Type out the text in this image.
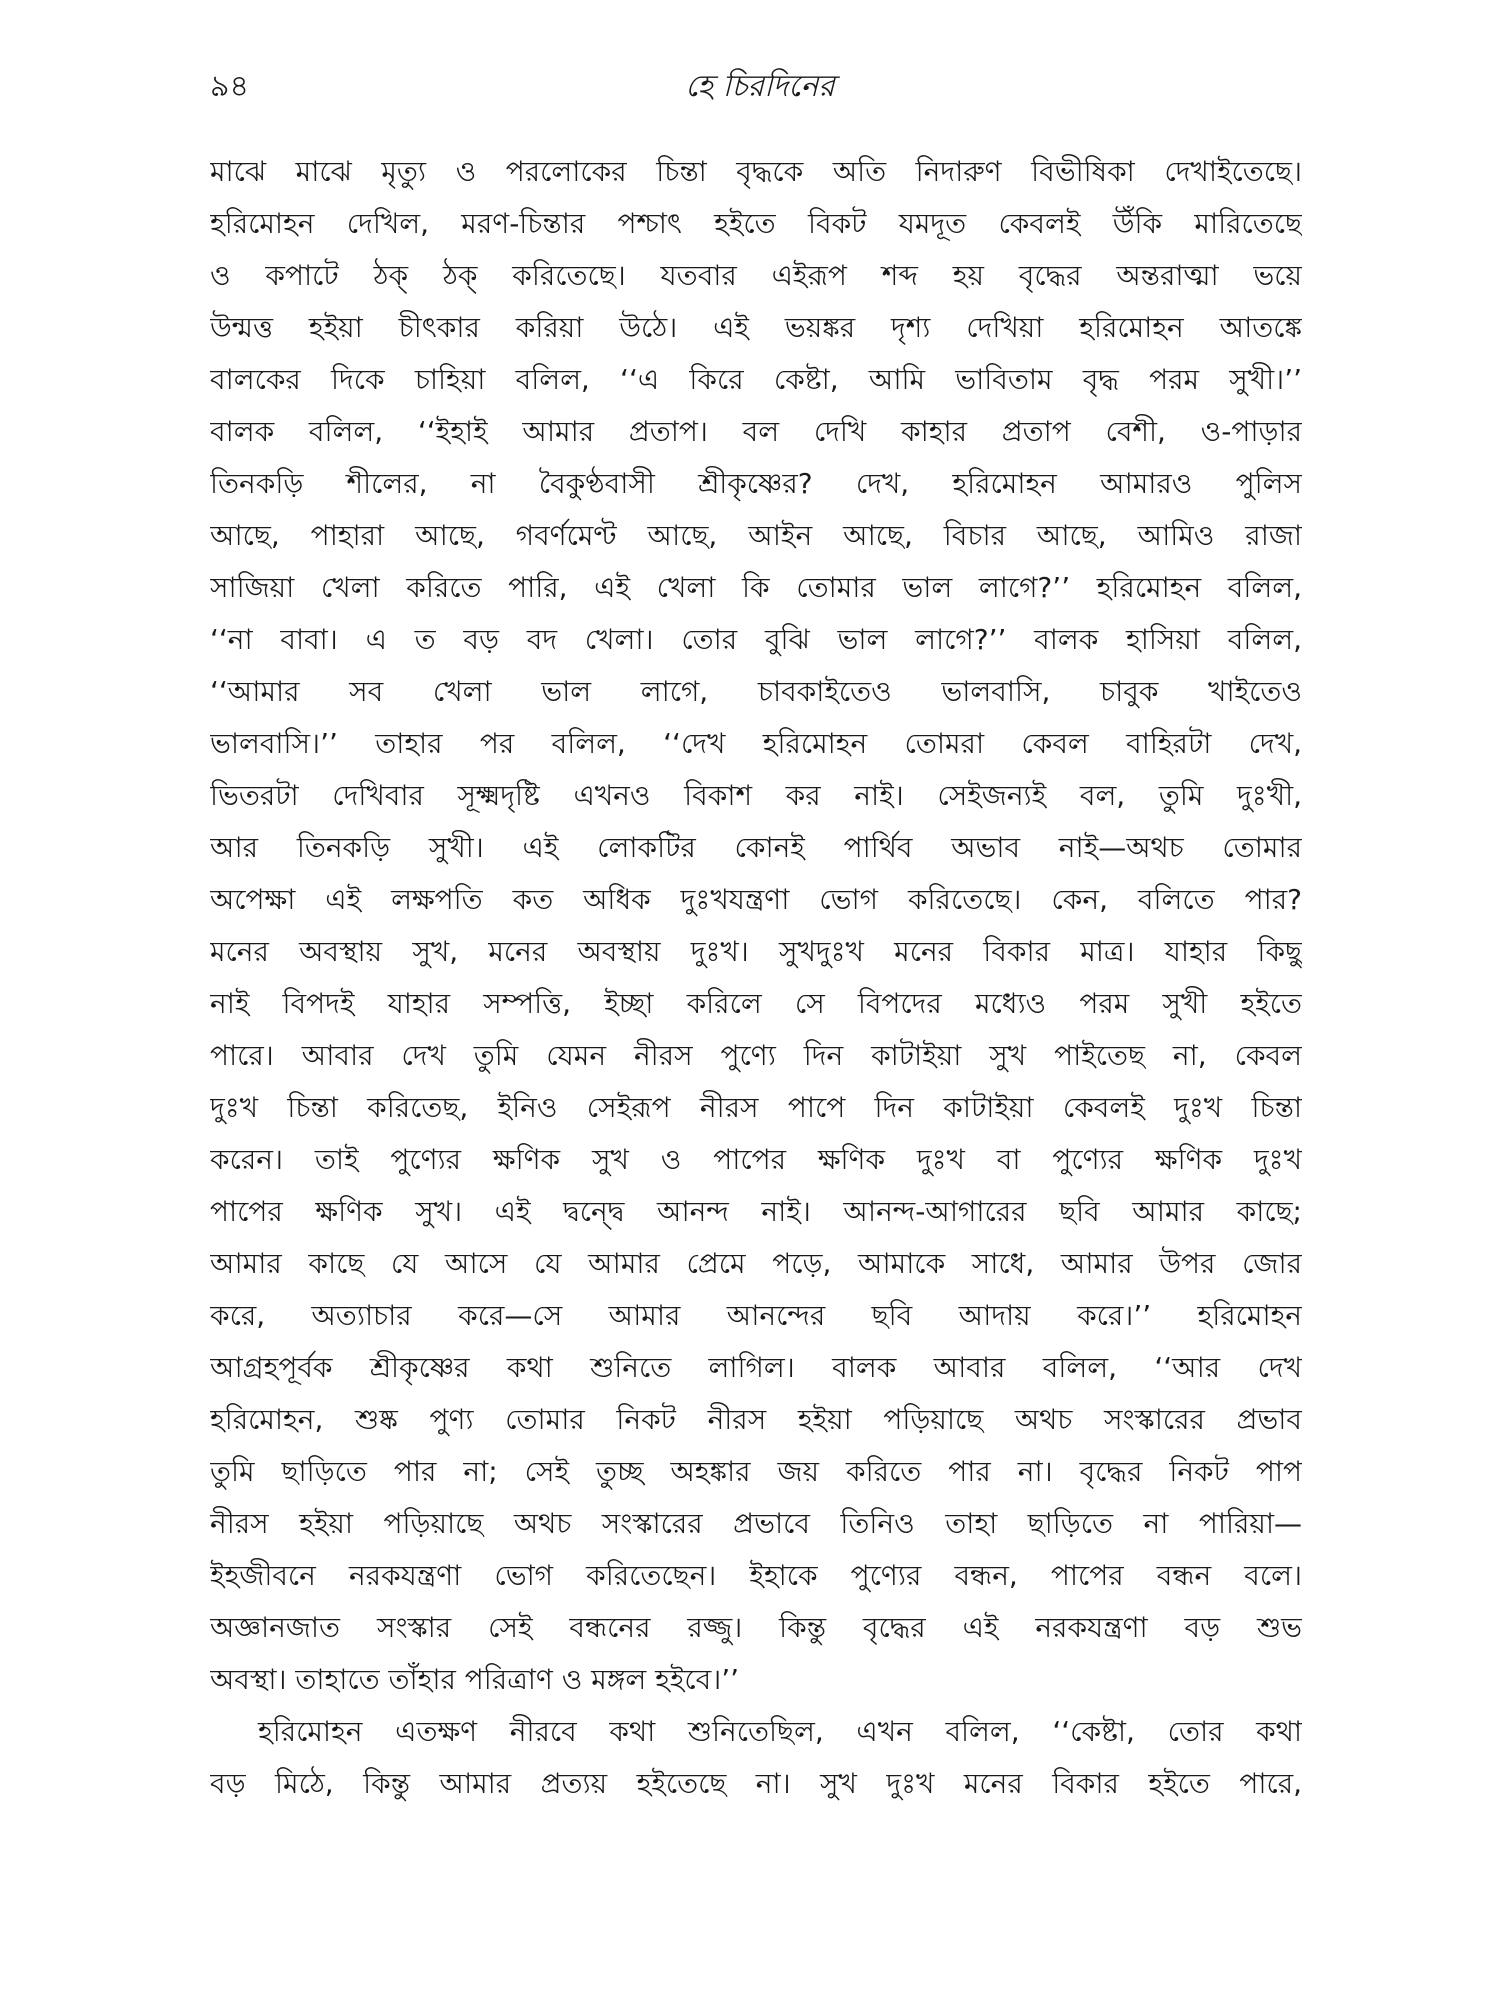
৯৪	হে চিরদিনের
মাঝে মাঝে মৃত্যু ও পরলোকের চিন্তা বৃদ্ধকে অতি নিদারুণ বিভীষিকা দেখাইতেছে।
হরিমোহন দেখিল, মরণ-চিন্তার পশ্চাৎ হইতে বিকট যমদূত কেবলই উঁকি মারিতেছে
ও কপাটে ঠক্ ঠক্ করিতেছে। যতবার এইরূপ শব্দ হয় বৃদ্ধের অন্তরাত্মা ভয়ে
উন্মত্ত হইয়া চীৎকার করিয়া উঠে। এই ভয়ঙ্কর দৃশ্য দেখিয়া হরিমোহন আতঙ্কে
বালকের দিকে চাহিয়া বলিল, ‘‘এ কিরে কেষ্টা, আমি ভাবিতাম বৃদ্ধ পরম সুখী।’’
বালক বলিল, ‘‘ইহাই আমার প্রতাপ। বল দেখি কাহার প্রতাপ বেশী, ও-পাড়ার
তিনকড়ি শীলের, না বৈকুণ্ঠবাসী শ্রীকৃষ্ণের? দেখ, হরিমোহন আমারও পুলিস
আছে, পাহারা আছে, গবর্ণমেণ্ট আছে, আইন আছে, বিচার আছে, আমিও রাজা
সাজিয়া খেলা করিতে পারি, এই খেলা কি তোমার ভাল লাগে?’’ হরিমোহন বলিল,
‘‘না বাবা। এ ত বড় বদ খেলা। তোর বুঝি ভাল লাগে?’’ বালক হাসিয়া বলিল,
‘‘আমার সব খেলা ভাল লাগে, চাবকাইতেও ভালবাসি, চাবুক খাইতেও
ভালবাসি।’’ তাহার পর বলিল, ‘‘দেখ হরিমোহন তোমরা কেবল বাহিরটা দেখ,
ভিতরটা দেখিবার সূক্ষ্মদৃষ্টি এখনও বিকাশ কর নাই। সেইজন্যই বল, তুমি দুঃখী,
আর তিনকড়ি সুখী। এই লোকটির কোনই পার্থিব অভাব নাই—অথচ তোমার
অপেক্ষা এই লক্ষপতি কত অধিক দুঃখযন্ত্রণা ভোগ করিতেছে। কেন, বলিতে পার?
মনের অবস্থায় সুখ, মনের অবস্থায় দুঃখ। সুখদুঃখ মনের বিকার মাত্র। যাহার কিছু
নাই বিপদই যাহার সম্পত্তি, ইচ্ছা করিলে সে বিপদের মধ্যেও পরম সুখী হইতে
পারে। আবার দেখ তুমি যেমন নীরস পুণ্যে দিন কাটাইয়া সুখ পাইতেছ না, কেবল
দুঃখ চিন্তা করিতেছ, ইনিও সেইরূপ নীরস পাপে দিন কাটাইয়া কেবলই দুঃখ চিন্তা
করেন। তাই পুণ্যের ক্ষণিক সুখ ও পাপের ক্ষণিক দুঃখ বা পুণ্যের ক্ষণিক দুঃখ
পাপের ক্ষণিক সুখ। এই দ্বন্দ্বে আনন্দ নাই। আনন্দ-আগারের ছবি আমার কাছে;
আমার কাছে যে আসে যে আমার প্রেমে পড়ে, আমাকে সাধে, আমার উপর জোর
করে, অত্যাচার করে—সে আমার আনন্দের ছবি আদায় করে।’’ হরিমোহন
আগ্রহপূর্বক শ্রীকৃষ্ণের কথা শুনিতে লাগিল। বালক আবার বলিল, ‘‘আর দেখ
হরিমোহন, শুষ্ক পুণ্য তোমার নিকট নীরস হইয়া পড়িয়াছে অথচ সংস্কারের প্রভাব
তুমি ছাড়িতে পার না; সেই তুচ্ছ অহঙ্কার জয় করিতে পার না। বৃদ্ধের নিকট পাপ
নীরস হইয়া পড়িয়াছে অথচ সংস্কারের প্রভাবে তিনিও তাহা ছাড়িতে না পারিয়া—
ইহজীবনে নরকযন্ত্রণা ভোগ করিতেছেন। ইহাকে পুণ্যের বন্ধন, পাপের বন্ধন বলে।
অজ্ঞানজাত সংস্কার সেই বন্ধনের রজ্জু। কিন্তু বৃদ্ধের এই নরকযন্ত্রণা বড় শুভ
অবস্থা। তাহাতে তাঁহার পরিত্রাণ ও মঙ্গল হইবে।’’
হরিমোহন এতক্ষণ নীরবে কথা শুনিতেছিল, এখন বলিল, ‘‘কেষ্টা, তোর কথা
বড় মিঠে, কিন্তু আমার প্রত্যয় হইতেছে না। সুখ দুঃখ মনের বিকার হইতে পারে,
